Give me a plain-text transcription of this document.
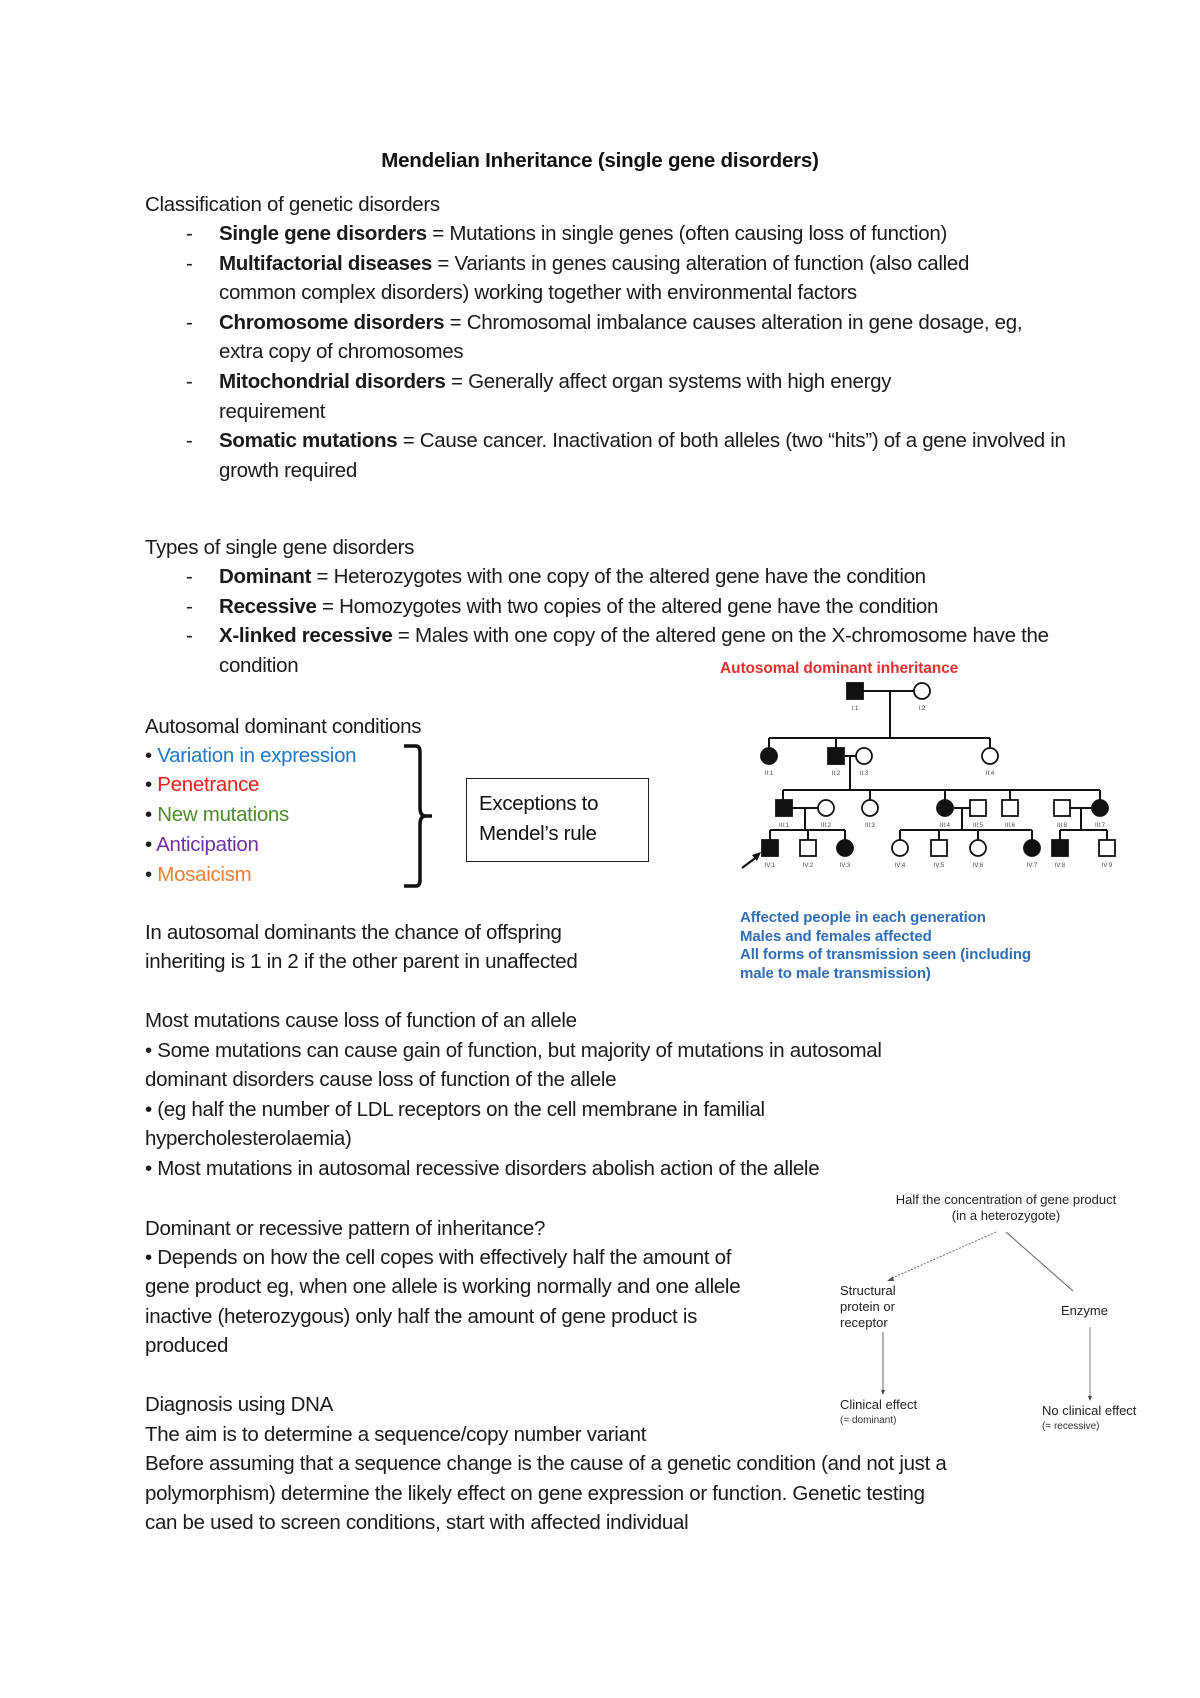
Mendelian Inheritance (single gene disorders)
Classification of genetic disorders
- Single gene disorders = Mutations in single genes (often causing loss of function)
- Multifactorial diseases = Variants in genes causing alteration of function (also called common complex disorders) working together with environmental factors
- Chromosome disorders = Chromosomal imbalance causes alteration in gene dosage, eg, extra copy of chromosomes
- Mitochondrial disorders = Generally affect organ systems with high energy requirement
- Somatic mutations = Cause cancer. Inactivation of both alleles (two “hits”) of a gene involved in growth required
Types of single gene disorders
- Dominant = Heterozygotes with one copy of the altered gene have the condition
- Recessive = Homozygotes with two copies of the altered gene have the condition
- X-linked recessive = Males with one copy of the altered gene on the X-chromosome have the condition
Autosomal dominant conditions
• Variation in expression
• Penetrance
• New mutations
• Anticipation
• Mosaicism
Exceptions to
Mendel’s rule
In autosomal dominants the chance of offspring
inheriting is 1 in 2 if the other parent in unaffected
Most mutations cause loss of function of an allele
• Some mutations can cause gain of function, but majority of mutations in autosomal
dominant disorders cause loss of function of the allele
• (eg half the number of LDL receptors on the cell membrane in familial
hypercholesterolaemia)
• Most mutations in autosomal recessive disorders abolish action of the allele
Dominant or recessive pattern of inheritance?
• Depends on how the cell copes with effectively half the amount of
gene product eg, when one allele is working normally and one allele
inactive (heterozygous) only half the amount of gene product is
produced
Diagnosis using DNA
The aim is to determine a sequence/copy number variant
Before assuming that a sequence change is the cause of a genetic condition (and not just a
polymorphism) determine the likely effect on gene expression or function. Genetic testing
can be used to screen conditions, start with affected individual
Autosomal dominant inheritance
I:1	I:2
II:1	II:2	II:3	II:4
III:1	III:2	III:3	III:4	III:5	III:6	III:8	III:7
IV:1	IV:2	IV:3	IV:4	IV:5	IV:6	IV:7	IV:8	IV:9
Affected people in each generation
Males and females affected
All forms of transmission seen (including
male to male transmission)
Half the concentration of gene product
(in a heterozygote)
Structural
protein or
receptor
Enzyme
Clinical effect
(= dominant)
No clinical effect
(= recessive)
